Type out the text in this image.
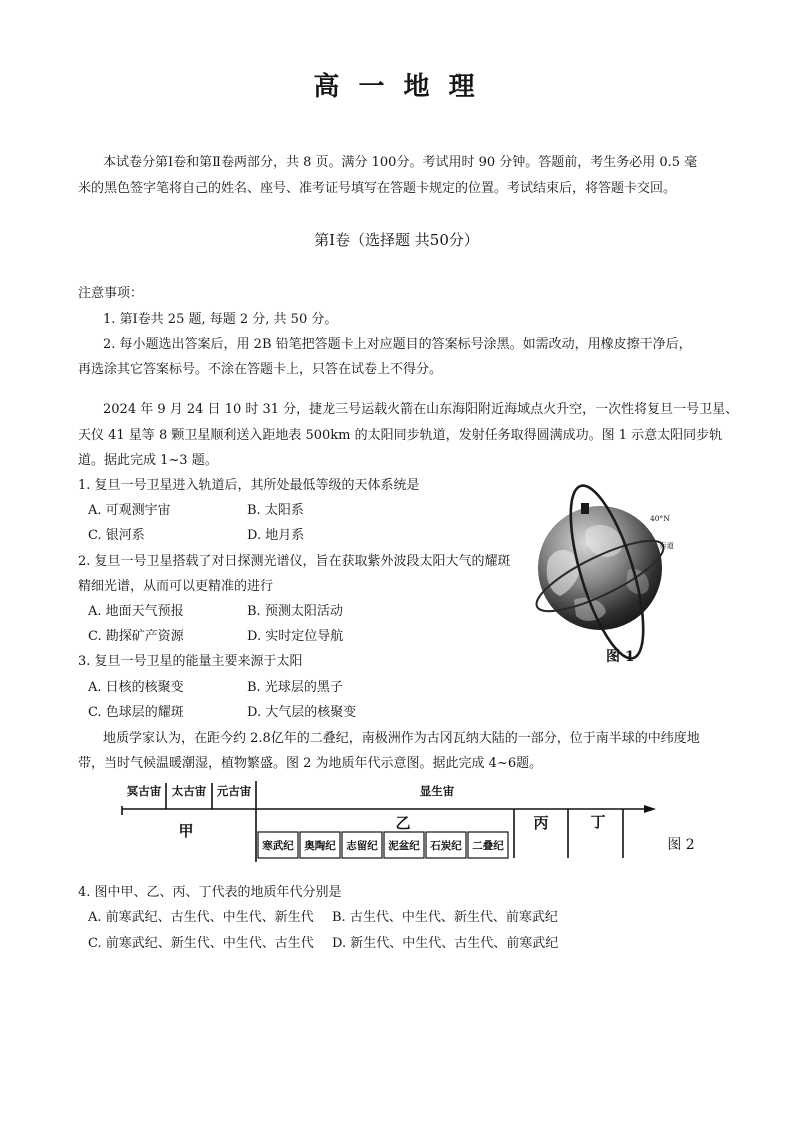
高 一 地 理
本试卷分第Ⅰ卷和第Ⅱ卷两部分，共 8 页。满分 100分。考试用时 90 分钟。答题前，考生务必用 0.5 毫
米的黑色签字笔将自己的姓名、座号、准考证号填写在答题卡规定的位置。考试结束后，将答题卡交回。
第Ⅰ卷（选择题 共50分）
注意事项：
1. 第Ⅰ卷共 25 题, 每题 2 分, 共 50 分。
2. 每小题选出答案后，用 2B 铅笔把答题卡上对应题目的答案标号涂黑。如需改动，用橡皮擦干净后，
再选涂其它答案标号。不涂在答题卡上，只答在试卷上不得分。
2024 年 9 月 24 日 10 时 31 分，捷龙三号运载火箭在山东海阳附近海域点火升空，一次性将复旦一号卫星、
天仪 41 星等 8 颗卫星顺利送入距地表 500km 的太阳同步轨道，发射任务取得圆满成功。图 1 示意太阳同步轨
道。据此完成 1~3 题。
1. 复旦一号卫星进入轨道后，其所处最低等级的天体系统是
A. 可观测宇宙	B. 太阳系
C. 银河系	D. 地月系
2. 复旦一号卫星搭载了对日探测光谱仪，旨在获取紫外波段太阳大气的耀斑
精细光谱，从而可以更精准的进行
A. 地面天气预报	B. 预测太阳活动
C. 勘探矿产资源	D. 实时定位导航
3. 复旦一号卫星的能量主要来源于太阳
A. 日核的核聚变	B. 光球层的黑子
C. 色球层的耀斑	D. 大气层的核聚变
40°N
赤道
图 1
地质学家认为，在距今约 2.8亿年的二叠纪，南极洲作为古冈瓦纳大陆的一部分，位于南半球的中纬度地
带，当时气候温暖潮湿，植物繁盛。图 2 为地质年代示意图。据此完成 4~6题。
冥古宙 太古宙 元古宙	显生宙
甲	乙	丙	丁
寒武纪 奥陶纪 志留纪 泥盆纪 石炭纪 二叠纪	图 2
4. 图中甲、乙、丙、丁代表的地质年代分别是
A. 前寒武纪、古生代、中生代、新生代 B. 古生代、中生代、新生代、前寒武纪
C. 前寒武纪、新生代、中生代、古生代 D. 新生代、中生代、古生代、前寒武纪
